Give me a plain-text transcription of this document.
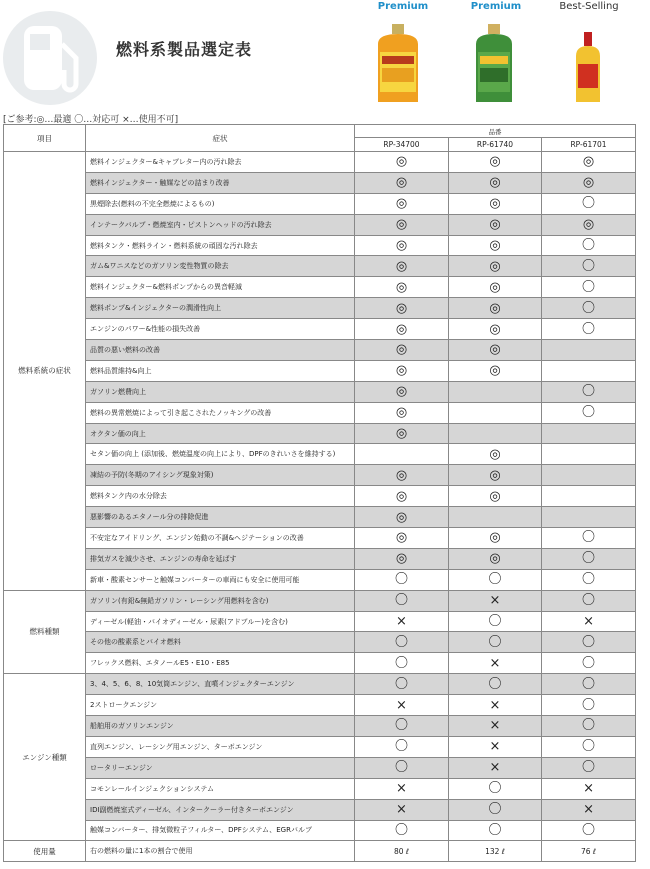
燃料系製品選定表
Premium	Premium	Best-Selling
[ご参考:◎…最適 〇…対応可 ×…使用不可]
項目	症状	品番		
		RP-34700	RP-61740	RP-61701
燃料系統の症状	燃料インジェクター&キャブレター内の汚れ除去	◎	◎	◎
	燃料インジェクター・触媒などの詰まり改善	◎	◎	◎
	黒煙除去(燃料の不完全燃焼によるもの)	◎	◎	〇
	インテークバルブ・燃焼室内・ピストンヘッドの汚れ除去	◎	◎	◎
	燃料タンク・燃料ライン・燃料系統の頑固な汚れ除去	◎	◎	〇
	ガム&ワニスなどのガソリン変性物質の除去	◎	◎	〇
	燃料インジェクター&燃料ポンプからの異音軽減	◎	◎	〇
	燃料ポンプ&インジェクターの潤滑性向上	◎	◎	〇
	エンジンのパワー&性能の損失改善	◎	◎	〇
	品質の悪い燃料の改善	◎	◎	
	燃料品質維持&向上	◎	◎	
	ガソリン燃費向上	◎		〇
	燃料の異常燃焼によって引き起こされたノッキングの改善	◎		〇
	オクタン価の向上	◎		
	セタン価の向上 (添加後、燃焼温度の向上により、DPFのきれいさを維持する)		◎	
	凍結の予防(冬期のアイシング現象対策)	◎	◎	
	燃料タンク内の水分除去	◎	◎	
	悪影響のあるエタノール分の排除促進	◎		
	不安定なアイドリング、エンジン始動の不調&ヘジテーションの改善	◎	◎	〇
	排気ガスを減少させ、エンジンの寿命を延ばす	◎	◎	〇
	新車・酸素センサーと触媒コンバーターの車両にも安全に使用可能	〇	〇	〇
燃料種類	ガソリン(有鉛&無鉛ガソリン・レーシング用燃料を含む)	〇	×	〇
	ディーゼル(軽油・バイオディーゼル・尿素(アドブルー)を含む)	×	〇	×
	その他の酸素系とバイオ燃料	〇	〇	〇
	フレックス燃料、エタノールE5・E10・E85	〇	×	〇
エンジン種類	3、4、5、6、8、10気筒エンジン、直噴インジェクターエンジン	〇	〇	〇
	2ストロークエンジン	×	×	〇
	船舶用のガソリンエンジン	〇	×	〇
	直列エンジン、レーシング用エンジン、ターボエンジン	〇	×	〇
	ロータリーエンジン	〇	×	〇
	コモンレールインジェクションシステム	×	〇	×
	IDI副燃焼室式ディーゼル、インタークーラー付きターボエンジン	×	〇	×
	触媒コンバーター、排気微粒子フィルター、DPFシステム、EGRバルブ	〇	〇	〇
使用量	右の燃料の量に1本の割合で使用	80 ℓ	132 ℓ	76 ℓ
